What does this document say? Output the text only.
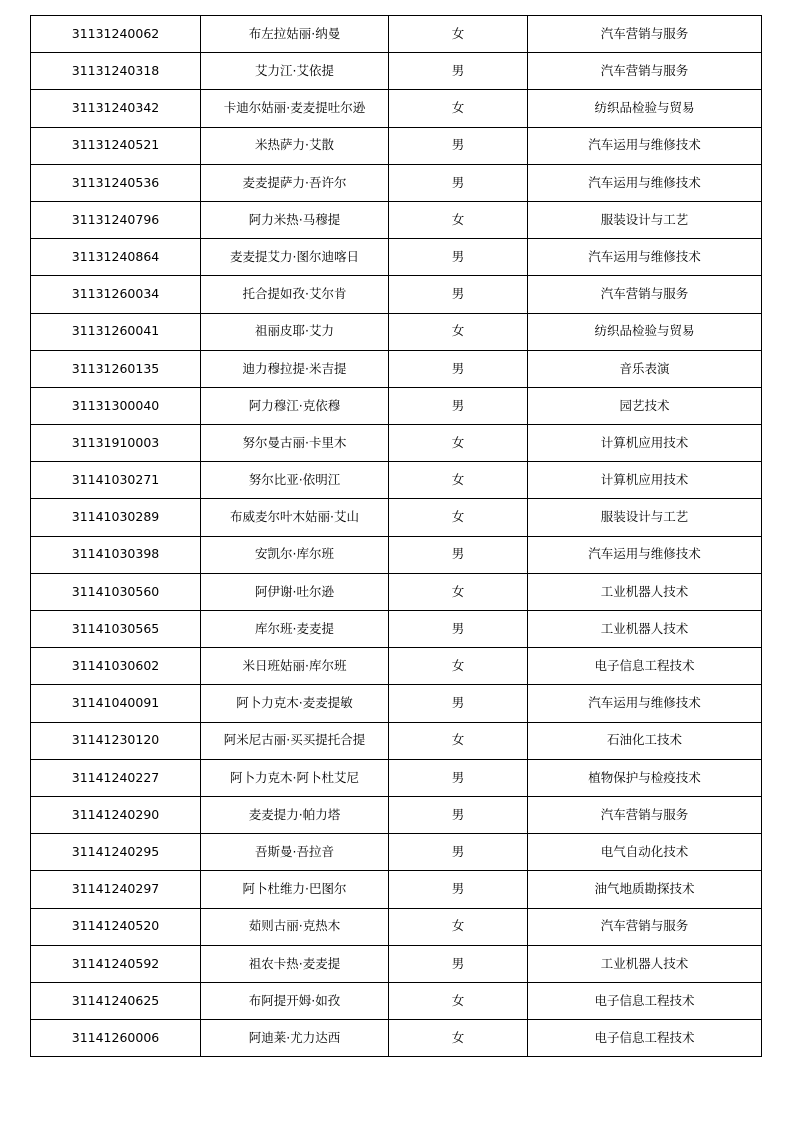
31131240062	布左拉姑丽·纳曼	女	汽车营销与服务
31131240318	艾力江·艾依提	男	汽车营销与服务
31131240342	卡迪尔姑丽·麦麦提吐尔逊	女	纺织品检验与贸易
31131240521	米热萨力·艾散	男	汽车运用与维修技术
31131240536	麦麦提萨力·吾许尔	男	汽车运用与维修技术
31131240796	阿力米热·马穆提	女	服装设计与工艺
31131240864	麦麦提艾力·图尔迪喀日	男	汽车运用与维修技术
31131260034	托合提如孜·艾尔肯	男	汽车营销与服务
31131260041	祖丽皮耶·艾力	女	纺织品检验与贸易
31131260135	迪力穆拉提·米吉提	男	音乐表演
31131300040	阿力穆江·克依穆	男	园艺技术
31131910003	努尔曼古丽·卡里木	女	计算机应用技术
31141030271	努尔比亚·依明江	女	计算机应用技术
31141030289	布威麦尔叶木姑丽·艾山	女	服装设计与工艺
31141030398	安凯尔·库尔班	男	汽车运用与维修技术
31141030560	阿伊谢·吐尔逊	女	工业机器人技术
31141030565	库尔班·麦麦提	男	工业机器人技术
31141030602	米日班姑丽·库尔班	女	电子信息工程技术
31141040091	阿卜力克木·麦麦提敏	男	汽车运用与维修技术
31141230120	阿米尼古丽·买买提托合提	女	石油化工技术
31141240227	阿卜力克木·阿卜杜艾尼	男	植物保护与检疫技术
31141240290	麦麦提力·帕力塔	男	汽车营销与服务
31141240295	吾斯曼·吾拉音	男	电气自动化技术
31141240297	阿卜杜维力·巴图尔	男	油气地质勘探技术
31141240520	茹则古丽·克热木	女	汽车营销与服务
31141240592	祖农卡热·麦麦提	男	工业机器人技术
31141240625	布阿提开姆·如孜	女	电子信息工程技术
31141260006	阿迪莱·尤力达西	女	电子信息工程技术
